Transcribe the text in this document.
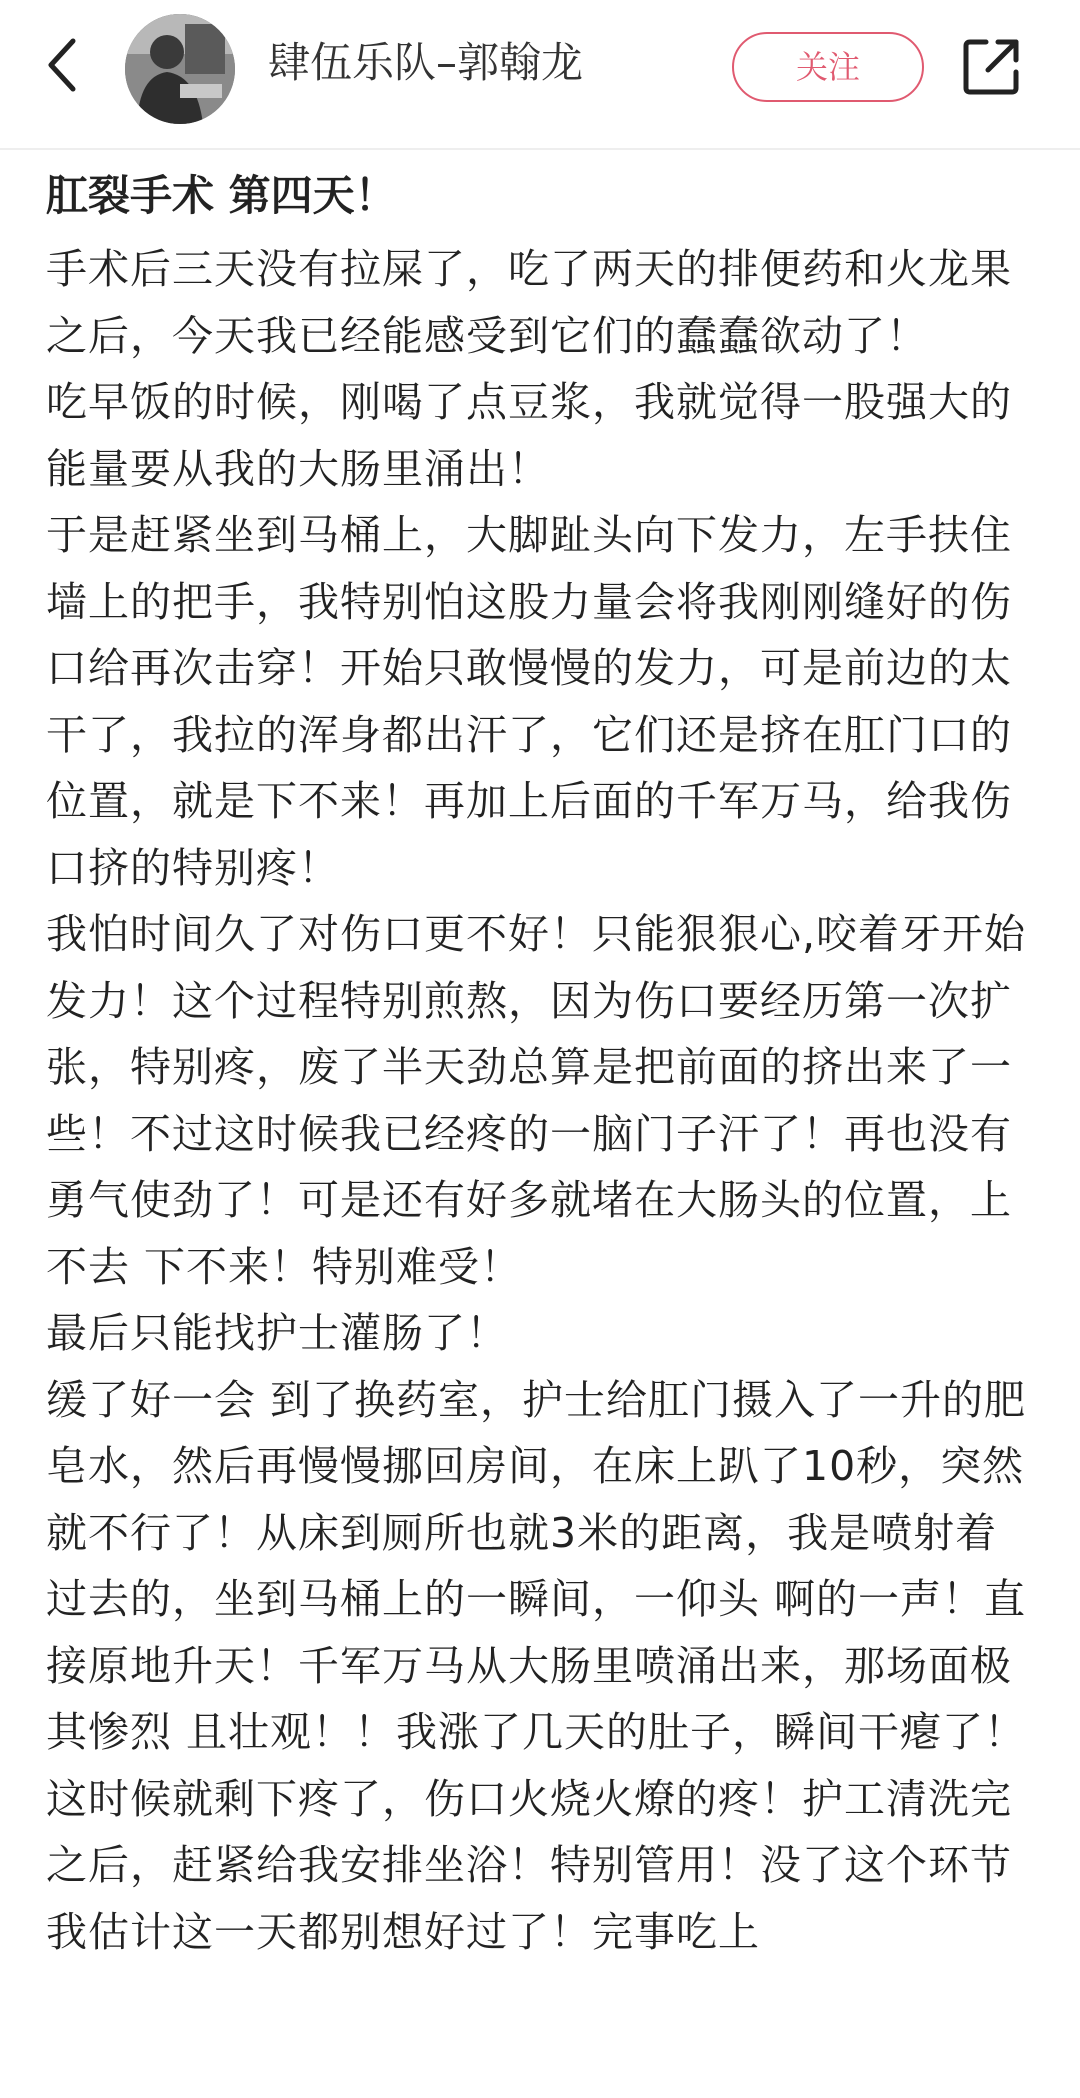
肆伍乐队–郭翰龙	关注
肛裂手术 第四天！

手术后三天没有拉屎了，吃了两天的排便药和火龙果之后，今天我已经能感受到它们的蠢蠢欲动了！

吃早饭的时候，刚喝了点豆浆，我就觉得一股强大的能量要从我的大肠里涌出！

于是赶紧坐到马桶上，大脚趾头向下发力，左手扶住墙上的把手，我特别怕这股力量会将我刚刚缝好的伤口给再次击穿！开始只敢慢慢的发力，可是前边的太干了，我拉的浑身都出汗了，它们还是挤在肛门口的位置，就是下不来！再加上后面的千军万马，给我伤口挤的特别疼！

我怕时间久了对伤口更不好！只能狠狠心,咬着牙开始发力！这个过程特别煎熬，因为伤口要经历第一次扩张，特别疼，废了半天劲总算是把前面的挤出来了一些！不过这时候我已经疼的一脑门子汗了！再也没有勇气使劲了！可是还有好多就堵在大肠头的位置，上不去 下不来！特别难受！

最后只能找护士灌肠了！

缓了好一会 到了换药室，护士给肛门摄入了一升的肥皂水，然后再慢慢挪回房间，在床上趴了10秒，突然就不行了！从床到厕所也就3米的距离，我是喷射着过去的，坐到马桶上的一瞬间，一仰头 啊的一声！直接原地升天！千军万马从大肠里喷涌出来，那场面极其惨烈 且壮观！！我涨了几天的肚子，瞬间干瘪了！

这时候就剩下疼了，伤口火烧火燎的疼！护工清洗完之后，赶紧给我安排坐浴！特别管用！没了这个环节 我估计这一天都别想好过了！完事吃上
